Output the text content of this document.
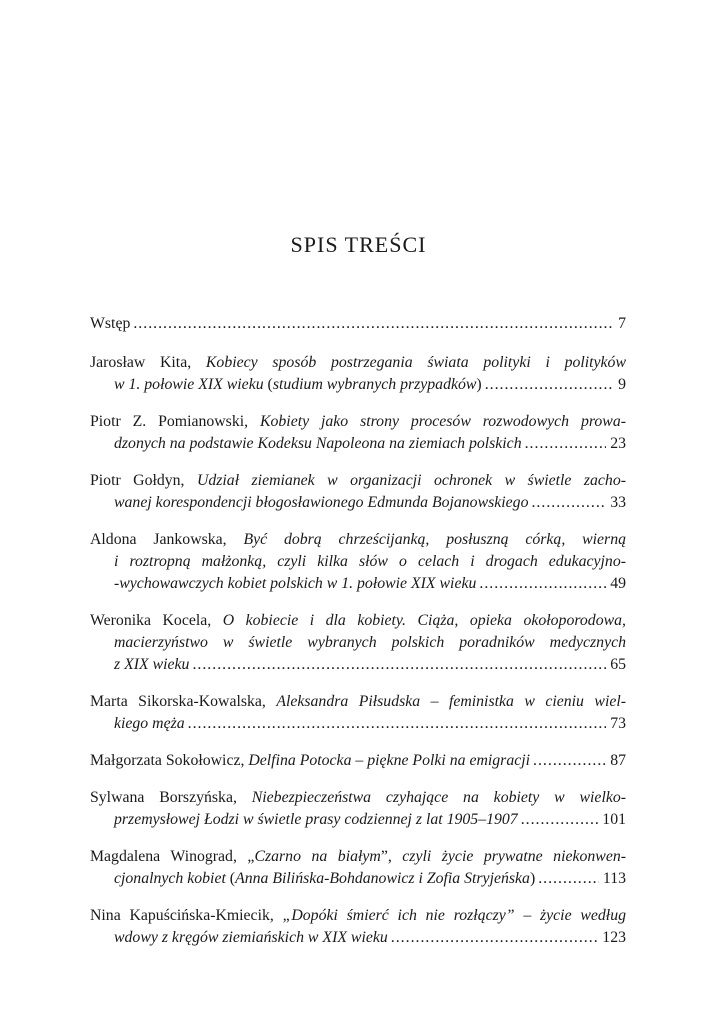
SPIS TREŚCI
Wstęp .....	7
Jarosław Kita, Kobiecy sposób postrzegania świata polityki i polityków
w 1. połowie XIX wieku (studium wybranych przypadków) .....	9
Piotr Z. Pomianowski, Kobiety jako strony procesów rozwodowych prowa-
dzonych na podstawie Kodeksu Napoleona na ziemiach polskich .....	23
Piotr Gołdyn, Udział ziemianek w organizacji ochronek w świetle zacho-
wanej korespondencji błogosławionego Edmunda Bojanowskiego .....	33
Aldona Jankowska, Być dobrą chrześcijanką, posłuszną córką, wierną
i roztropną małżonką, czyli kilka słów o celach i drogach edukacyjno-
-wychowawczych kobiet polskich w 1. połowie XIX wieku .....	49
Weronika Kocela, O kobiecie i dla kobiety. Ciąża, opieka okołoporodowa,
macierzyństwo w świetle wybranych polskich poradników medycznych
z XIX wieku .....	65
Marta Sikorska-Kowalska, Aleksandra Piłsudska – feministka w cieniu wiel-
kiego męża .....	73
Małgorzata Sokołowicz, Delfina Potocka – piękne Polki na emigracji .....	87
Sylwana Borszyńska, Niebezpieczeństwa czyhające na kobiety w wielko-
przemysłowej Łodzi w świetle prasy codziennej z lat 1905–1907 .....	101
Magdalena Winograd, „Czarno na białym”, czyli życie prywatne niekonwen-
cjonalnych kobiet (Anna Bilińska-Bohdanowicz i Zofia Stryjeńska) .....	113
Nina Kapuścińska-Kmiecik, „Dopóki śmierć ich nie rozłączy” – życie według
wdowy z kręgów ziemiańskich w XIX wieku .....	123
